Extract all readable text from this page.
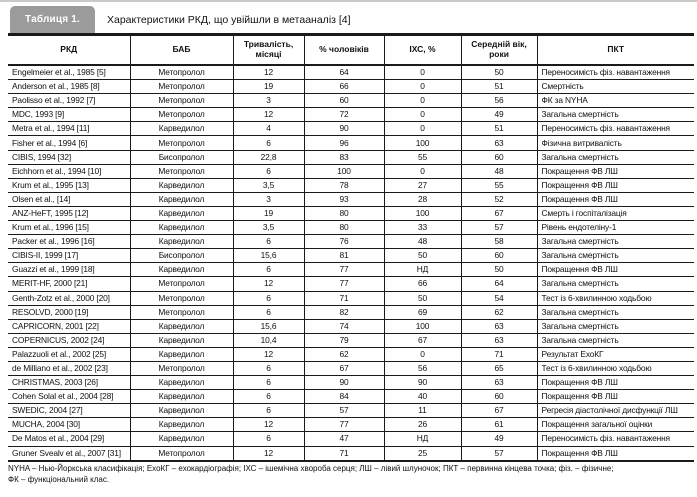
Таблиця 1.	Характеристики РКД, що увійшли в метааналіз [4]
РКД	БАБ	Тривалість, місяці	% чоловіків	ІХС, %	Середній вік, роки	ПКТ
Engelmeier et al., 1985 [5]	Метопролол	12	64	0	50	Переносимість фіз. навантаження
Anderson et al., 1985 [8]	Метопролол	19	66	0	51	Смертність
Paolisso et al., 1992 [7]	Метопролол	3	60	0	56	ФК за NYHA
MDC, 1993 [9]	Метопролол	12	72	0	49	Загальна смертність
Metra et al., 1994 [11]	Карведилол	4	90	0	51	Переносимість фіз. навантаження
Fisher et al., 1994 [6]	Метопролол	6	96	100	63	Фізична витривалість
CIBIS, 1994 [32]	Бисопролол	22,8	83	55	60	Загальна смертність
Eichhorn et al., 1994 [10]	Метопролол	6	100	0	48	Покращення ФВ ЛШ
Krum et al., 1995 [13]	Карведилол	3,5	78	27	55	Покращення ФВ ЛШ
Olsen et al., [14]	Карведилол	3	93	28	52	Покращення ФВ ЛШ
ANZ-HeFT, 1995 [12]	Карведилол	19	80	100	67	Смерть і госпіталізація
Krum et al., 1996 [15]	Карведилол	3,5	80	33	57	Рівень ендотеліну-1
Packer et al., 1996 [16]	Карведилол	6	76	48	58	Загальна смертність
CIBIS-II, 1999 [17]	Бисопролол	15,6	81	50	60	Загальна смертність
Guazzi et al., 1999 [18]	Карведилол	6	77	НД	50	Покращення ФВ ЛШ
MERIT-HF, 2000 [21]	Метопролол	12	77	66	64	Загальна смертність
Genth-Zotz et al., 2000 [20]	Метопролол	6	71	50	54	Тест із 6-хвилинною ходьбою
RESOLVD, 2000 [19]	Метопролол	6	82	69	62	Загальна смертність
CAPRICORN, 2001 [22]	Карведилол	15,6	74	100	63	Загальна смертність
COPERNICUS, 2002 [24]	Карведилол	10,4	79	67	63	Загальна смертність
Palazzuoli et al., 2002 [25]	Карведилол	12	62	0	71	Результат ЕхоКГ
de Milliano et al., 2002 [23]	Метопролол	6	67	56	65	Тест із 6-хвилинною ходьбою
CHRISTMAS, 2003 [26]	Карведилол	6	90	90	63	Покращення ФВ ЛШ
Cohen Solal et al., 2004 [28]	Карведилол	6	84	40	60	Покращення ФВ ЛШ
SWEDIC, 2004 [27]	Карведилол	6	57	11	67	Регресія діастолічної дисфункції ЛШ
MUCHA, 2004 [30]	Карведилол	12	77	26	61	Покращення загальної оцінки
De Matos et al., 2004 [29]	Карведилол	6	47	НД	49	Переносимість фіз. навантаження
Gruner Svealv et al., 2007 [31]	Метопролол	12	71	25	57	Покращення ФВ ЛШ
NYHA – Нью-Йоркська класифікація; ЕхоКГ – ехокардіографія; ІХС – ішемічна хвороба серця; ЛШ – лівий шлуночок; ПКТ – первинна кінцева точка; фіз. – фізичне;
ФК – функціональний клас.
